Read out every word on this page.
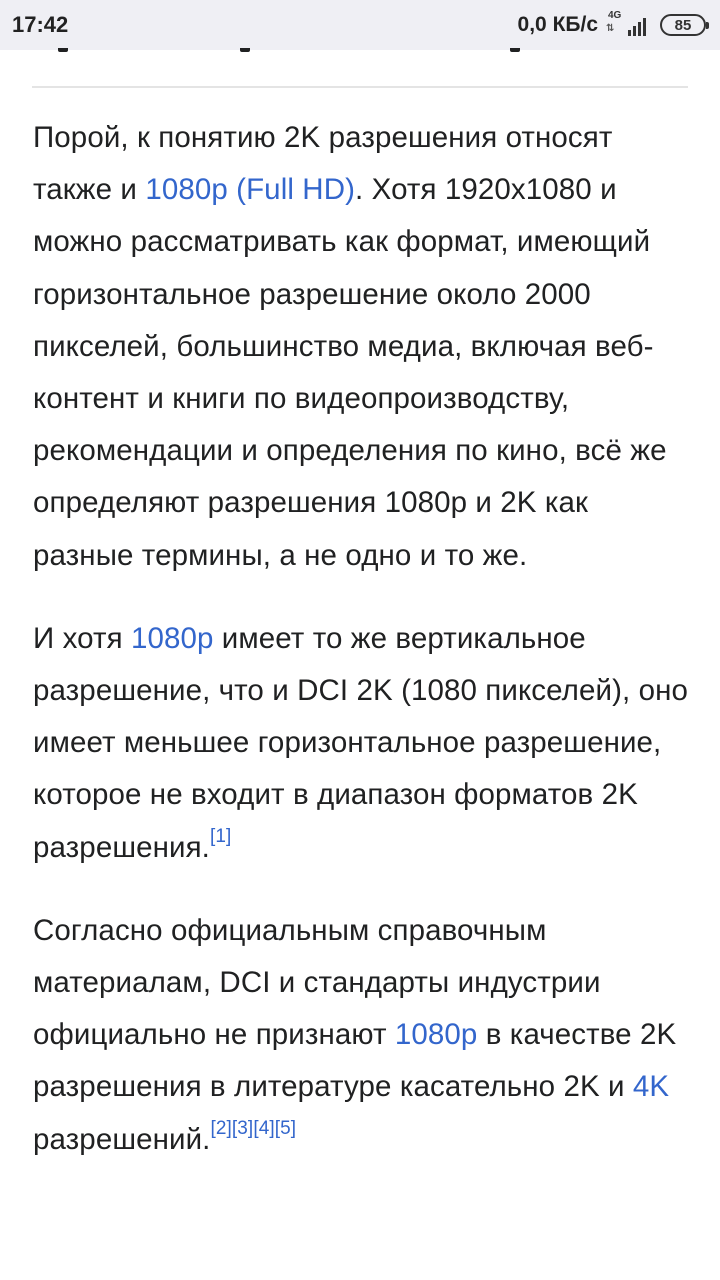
17:42	0,0 КБ/с 4G
⇅	85

Порой, к понятию 2K разрешения относят также и 1080p (Full HD). Хотя 1920x1080 и можно рассматривать как формат, имеющий горизонтальное разрешение около 2000 пикселей, большинство медиа, включая веб-контент и книги по видеопроизводству, рекомендации и определения по кино, всё же определяют разрешения 1080p и 2K как разные термины, а не одно и то же.

И хотя 1080p имеет то же вертикальное разрешение, что и DCI 2K (1080 пикселей), оно имеет меньшее горизонтальное разрешение, которое не входит в диапазон форматов 2K разрешения.[1]

Согласно официальным справочным материалам, DCI и стандарты индустрии официально не признают 1080p в качестве 2K разрешения в литературе касательно 2K и 4K разрешений.[2][3][4][5]
